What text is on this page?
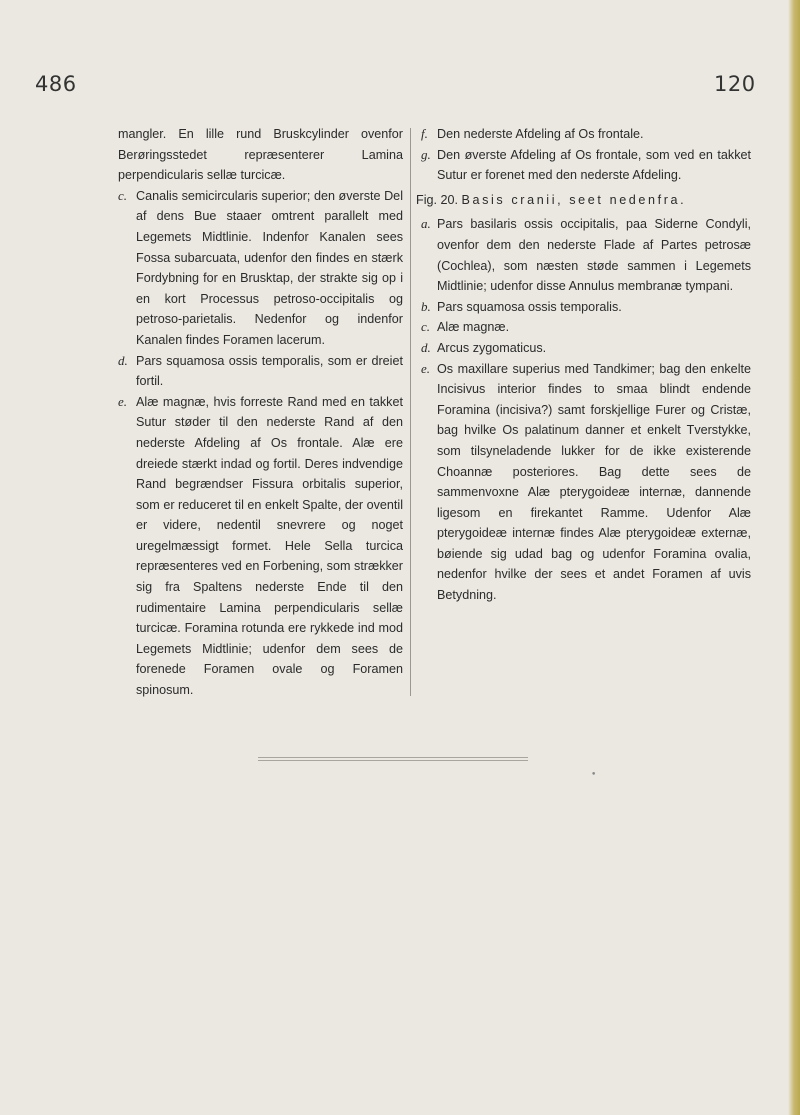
486	120

mangler. En lille rund Bruskcylinder ovenfor Berøringsstedet repræsenterer Lamina perpendicularis sellæ turcicæ.

c. Canalis semicircularis superior; den øverste Del af dens Bue staaer omtrent parallelt med Legemets Midtlinie. Indenfor Kanalen sees Fossa subarcuata, udenfor den findes en stærk Fordybning for en Brusktap, der strakte sig op i en kort Processus petroso-occipitalis og petroso-parietalis. Nedenfor og indenfor Kanalen findes Foramen lacerum.
d. Pars squamosa ossis temporalis, som er dreiet fortil.
e. Alæ magnæ, hvis forreste Rand med en takket Sutur støder til den nederste Rand af den nederste Afdeling af Os frontale. Alæ ere dreiede stærkt indad og fortil. Deres indvendige Rand begrændser Fissura orbitalis superior, som er reduceret til en enkelt Spalte, der oventil er videre, nedentil snevrere og noget uregelmæssigt formet. Hele Sella turcica repræsenteres ved en Forbening, som strækker sig fra Spaltens nederste Ende til den rudimentaire Lamina perpendicularis sellæ turcicæ. Foramina rotunda ere rykkede ind mod Legemets Midtlinie; udenfor dem sees de forenede Foramen ovale og Foramen spinosum.
f. Den nederste Afdeling af Os frontale.
g. Den øverste Afdeling af Os frontale, som ved en takket Sutur er forenet med den nederste Afdeling.
Fig. 20. Basis cranii, seet nedenfra.
a. Pars basilaris ossis occipitalis, paa Siderne Condyli, ovenfor dem den nederste Flade af Partes petrosæ (Cochlea), som næsten støde sammen i Legemets Midtlinie; udenfor disse Annulus membranæ tympani.
b. Pars squamosa ossis temporalis.
c. Alæ magnæ.
d. Arcus zygomaticus.
e. Os maxillare superius med Tandkimer; bag den enkelte Incisivus interior findes to smaa blindt endende Foramina (incisiva?) samt forskjellige Furer og Cristæ, bag hvilke Os palatinum danner et enkelt Tverstykke, som tilsyneladende lukker for de ikke existerende Choannæ posteriores. Bag dette sees de sammenvoxne Alæ pterygoideæ internæ, dannende ligesom en firekantet Ramme. Udenfor Alæ pterygoideæ internæ findes Alæ pterygoideæ externæ, bøiende sig udad bag og udenfor Foramina ovalia, nedenfor hvilke der sees et andet Foramen af uvis Betydning.
•
